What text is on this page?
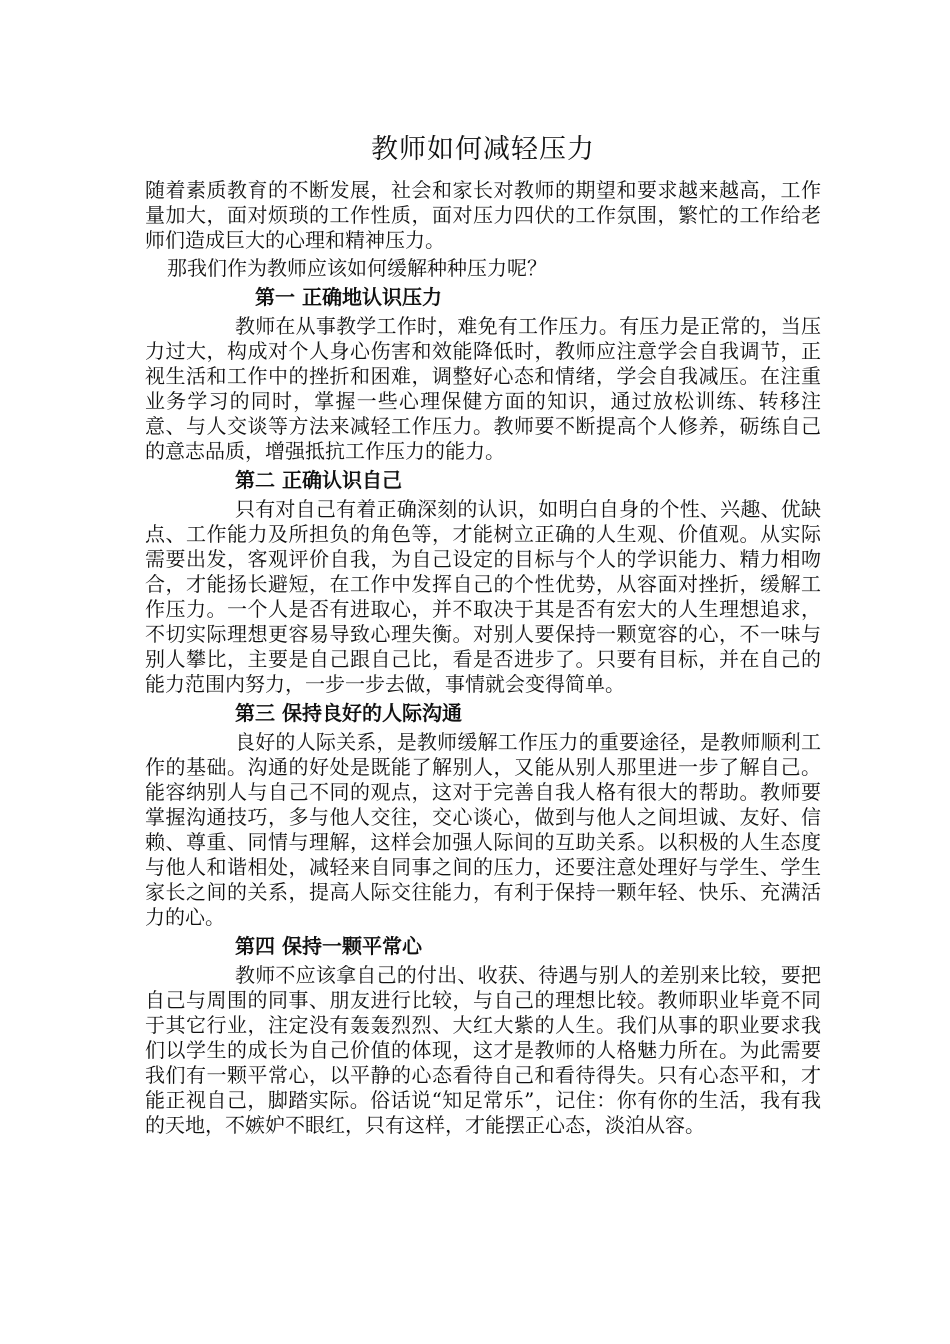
教师如何减轻压力

随着素质教育的不断发展，社会和家长对教师的期望和要求越来越高，工作量加大，面对烦琐的工作性质，面对压力四伏的工作氛围，繁忙的工作给老师们造成巨大的心理和精神压力。

那我们作为教师应该如何缓解种种压力呢？

第一 正确地认识压力

教师在从事教学工作时，难免有工作压力。有压力是正常的，当压力过大，构成对个人身心伤害和效能降低时，教师应注意学会自我调节，正视生活和工作中的挫折和困难，调整好心态和情绪，学会自我减压。在注重业务学习的同时，掌握一些心理保健方面的知识，通过放松训练、转移注意、与人交谈等方法来减轻工作压力。教师要不断提高个人修养，砺练自己的意志品质，增强抵抗工作压力的能力。

第二 正确认识自己

只有对自己有着正确深刻的认识，如明白自身的个性、兴趣、优缺点、工作能力及所担负的角色等，才能树立正确的人生观、价值观。从实际需要出发，客观评价自我，为自己设定的目标与个人的学识能力、精力相吻合，才能扬长避短，在工作中发挥自己的个性优势，从容面对挫折，缓解工作压力。一个人是否有进取心，并不取决于其是否有宏大的人生理想追求，不切实际理想更容易导致心理失衡。对别人要保持一颗宽容的心，不一味与别人攀比，主要是自己跟自己比，看是否进步了。只要有目标，并在自己的能力范围内努力，一步一步去做，事情就会变得简单。

第三 保持良好的人际沟通

良好的人际关系，是教师缓解工作压力的重要途径，是教师顺利工作的基础。沟通的好处是既能了解别人，又能从别人那里进一步了解自己。能容纳别人与自己不同的观点，这对于完善自我人格有很大的帮助。教师要掌握沟通技巧，多与他人交往，交心谈心，做到与他人之间坦诚、友好、信赖、尊重、同情与理解，这样会加强人际间的互助关系。以积极的人生态度与他人和谐相处，减轻来自同事之间的压力，还要注意处理好与学生、学生家长之间的关系，提高人际交往能力，有利于保持一颗年轻、快乐、充满活力的心。

第四 保持一颗平常心

教师不应该拿自己的付出、收获、待遇与别人的差别来比较，要把自己与周围的同事、朋友进行比较，与自己的理想比较。教师职业毕竟不同于其它行业，注定没有轰轰烈烈、大红大紫的人生。我们从事的职业要求我们以学生的成长为自己价值的体现，这才是教师的人格魅力所在。为此需要我们有一颗平常心，以平静的心态看待自己和看待得失。只有心态平和，才能正视自己，脚踏实际。俗话说“知足常乐”，记住：你有你的生活，我有我的天地，不嫉妒不眼红，只有这样，才能摆正心态，淡泊从容。
